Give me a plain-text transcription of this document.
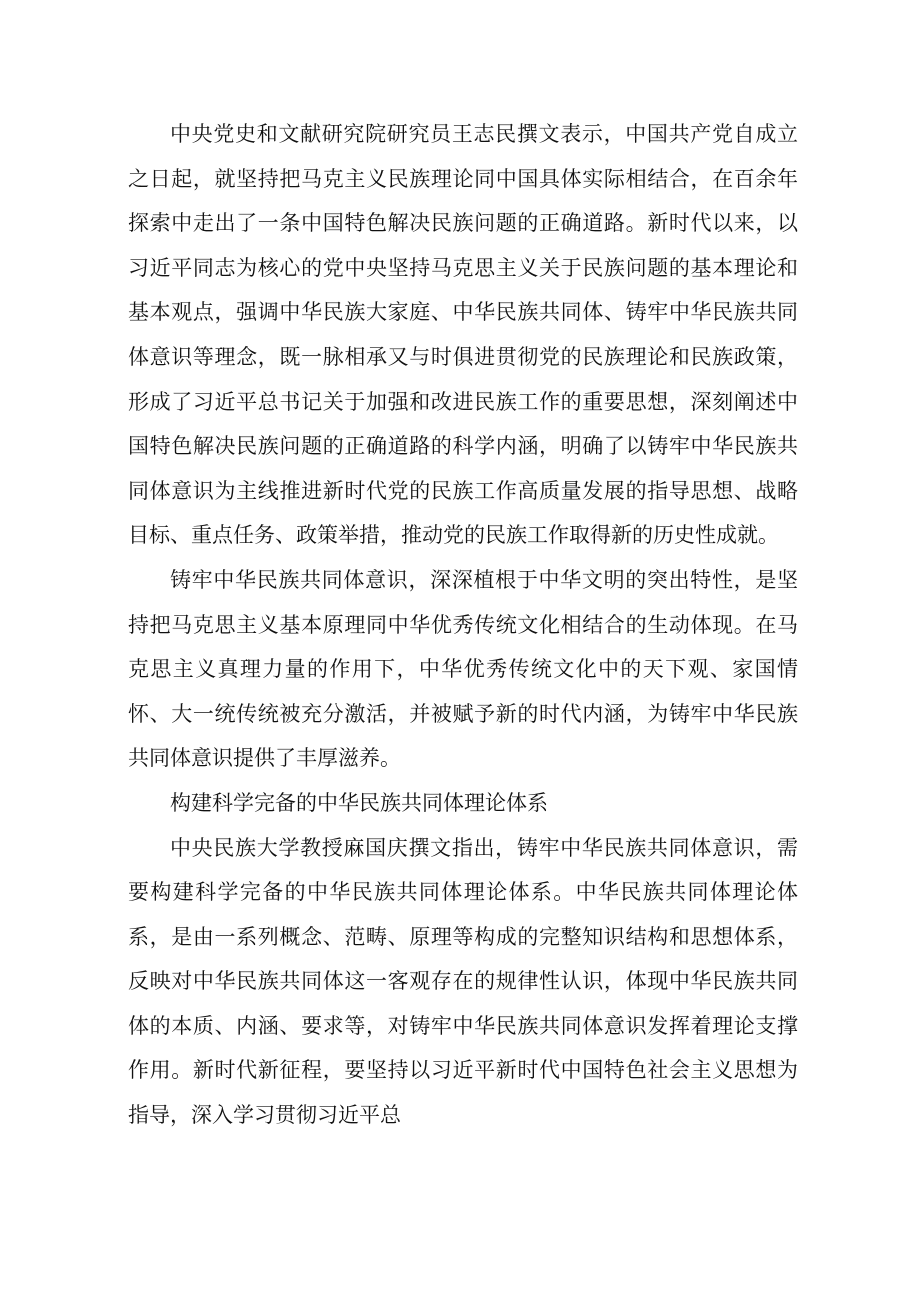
中央党史和文献研究院研究员王志民撰文表示，中国共产党自成立之日起，就坚持把马克主义民族理论同中国具体实际相结合，在百余年探索中走出了一条中国特色解决民族问题的正确道路。新时代以来，以习近平同志为核心的党中央坚持马克思主义关于民族问题的基本理论和基本观点，强调中华民族大家庭、中华民族共同体、铸牢中华民族共同体意识等理念，既一脉相承又与时俱进贯彻党的民族理论和民族政策，形成了习近平总书记关于加强和改进民族工作的重要思想，深刻阐述中国特色解决民族问题的正确道路的科学内涵，明确了以铸牢中华民族共同体意识为主线推进新时代党的民族工作高质量发展的指导思想、战略目标、重点任务、政策举措，推动党的民族工作取得新的历史性成就。

铸牢中华民族共同体意识，深深植根于中华文明的突出特性，是坚持把马克思主义基本原理同中华优秀传统文化相结合的生动体现。在马克思主义真理力量的作用下，中华优秀传统文化中的天下观、家国情怀、大一统传统被充分激活，并被赋予新的时代内涵，为铸牢中华民族共同体意识提供了丰厚滋养。

构建科学完备的中华民族共同体理论体系

中央民族大学教授麻国庆撰文指出，铸牢中华民族共同体意识，需要构建科学完备的中华民族共同体理论体系。中华民族共同体理论体系，是由一系列概念、范畴、原理等构成的完整知识结构和思想体系，反映对中华民族共同体这一客观存在的规律性认识，体现中华民族共同体的本质、内涵、要求等，对铸牢中华民族共同体意识发挥着理论支撑作用。新时代新征程，要坚持以习近平新时代中国特色社会主义思想为指导，深入学习贯彻习近平总
